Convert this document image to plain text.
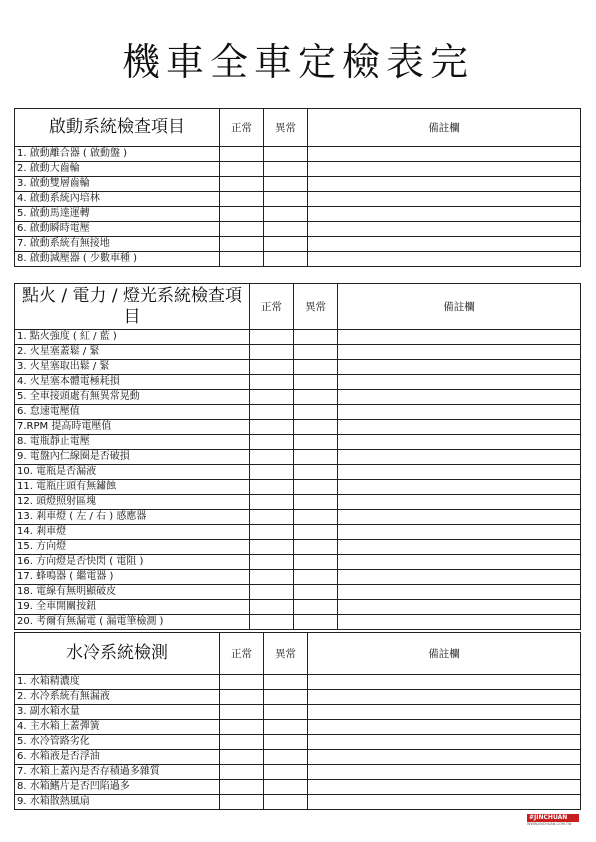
機車全車定檢表完
啟動系統檢查項目	正常	異常	備註欄
1. 啟動離合器 ( 啟動盤 )			
2. 啟動大齒輪			
3. 啟動雙層齒輪			
4. 啟動系統內培林			
5. 啟動馬達運轉			
6. 啟動瞬時電壓			
7. 啟動系統有無接地			
8. 啟動減壓器 ( 少數車種 )			
點火 / 電力 / 燈光系統檢查項目	正常	異常	備註欄
1. 點火強度 ( 紅 / 藍 )			
2. 火星塞蓋鬆 / 緊			
3. 火星塞取出鬆 / 緊			
4. 火星塞本體電極耗損			
5. 全車接頭處有無異常晃動			
6. 怠速電壓值			
7.RPM 提高時電壓值			
8. 電瓶靜止電壓			
9. 電盤內仁線圈是否破損			
10. 電瓶是否漏液			
11. 電瓶庄頭有無鏽蝕			
12. 頭燈照射區塊			
13. 剎車燈 ( 左 / 右 ) 感應器			
14. 剎車燈			
15. 方向燈			
16. 方向燈是否快閃 ( 電阻 )			
17. 蜂鳴器 ( 繼電器 )			
18. 電線有無明顯破皮			
19. 全車開關按鈕			
20. 考爾有無漏電 ( 漏電筆檢測 )			
水冷系統檢測	正常	異常	備註欄
1. 水箱精濃度			
2. 水冷系統有無漏液			
3. 副水箱水量			
4. 主水箱上蓋彈簧			
5. 水冷管路劣化			
6. 水箱液是否浮油			
7. 水箱上蓋內是否存積過多雜質			
8. 水箱鰭片是否凹陷過多			
9. 水箱散熱風扇			
#JINCHUAN
WWW.JINCHUAN.COM.TW
